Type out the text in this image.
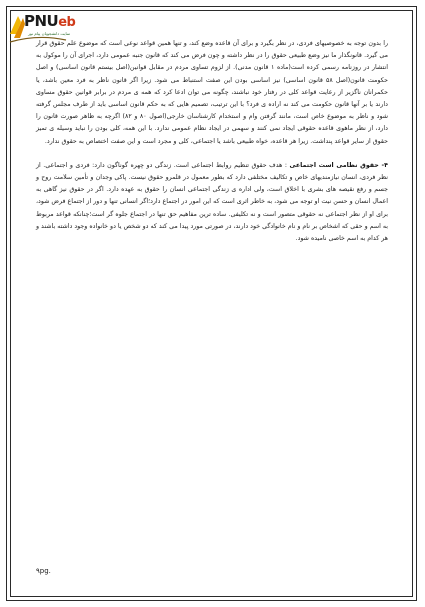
PNUeb
سایت دانشجویان پیام نور

را بدون توجه به خصوصیهای فردی، در نظر بگیرد و برای آن قاعده وضع کند، و تنها همین قواعد نوعی است که موضوع علم حقوق قرار می گیرد. قانونگذار ما نیز وضع طبیعی حقوق را در نظر داشته و چون فرض می کند که قانون جنبه عمومی دارد، اجرای آن را موکول به انتشار در روزنامه رسمی کرده است(ماده ۱ قانون مدنی). از لزوم تساوی مردم در مقابل قوانین(اصل بیستم قانون اساسی) و اصل حکومت قانون(اصل ۵۸ قانون اساسی) نیز اساسی بودن این صفت استنباط می شود. زیرا اگر قانون ناظر به فرد معین باشد، یا حکمرانان ناگزیر از رعایت قواعد کلی در رفتار خود نباشند، چگونه می توان ادعا کرد که همه ی مردم در برابر قوانین حقوق مساوی دارند یا بر آنها قانون حکومت می کند نه اراده ی فرد؟ با این ترتیب، تصمیم هایی که به حکم قانون اساسی باید از طرف مجلس گرفته شود و ناظر به موضوع خاص است، مانند گرفتن وام و استخدام کارشناسان خارجی(اصول ۸۰ و ۸۲) اگرچه به ظاهر صورت قانون را دارد، از نظر ماهوی قاعده حقوقی ایجاد نمی کنند و سهمی در ایجاد نظام عمومی ندارد. با این همه، کلی بودن را نباید وسیله ی تمیز حقوق از سایر قواعد پنداشت. زیرا هر قاعده، خواه طبیعی باشد یا اجتماعی، کلی و مجرد است و این صفت اختصاص به حقوق ندارد.

۴- حقوق نظامی است اجتماعی : هدف حقوق تنظیم روابط اجتماعی است. زندگی دو چهره گوناگون دارد: فردی و اجتماعی. از نظر فردی، انسان نیازمندیهای خاص و تکالیف مختلفی دارد که بطور معمول در قلمرو حقوق نیست. پاکی وجدان و تأمین سلامت روح و جسم و رفع نقیصه های بشری با اخلاق است، ولی اداره ی زندگی اجتماعی انسان را حقوق به عهده دارد. اگر در حقوق نیز گاهی به اعمال انسان و حسن نیت او توجه می شود، به خاطر اثری است که این امور در اجتماع دارد؛اگر انسانی تنها و دور از اجتماع فرض شود، برای او از نظر اجتماعی نه حقوقی متصور است و نه تکلیفی. ساده ترین مفاهیم حق تنها در اجتماع جلوه گر است؛چنانکه قواعد مربوط به اسم و حقی که اشخاص بر نام و نام خانوادگی خود دارند، در صورتی مورد پیدا می کند که دو شخص یا دو خانواده وجود داشته باشند و هر کدام به اسم خاصی نامیده شود.

۹pg.
